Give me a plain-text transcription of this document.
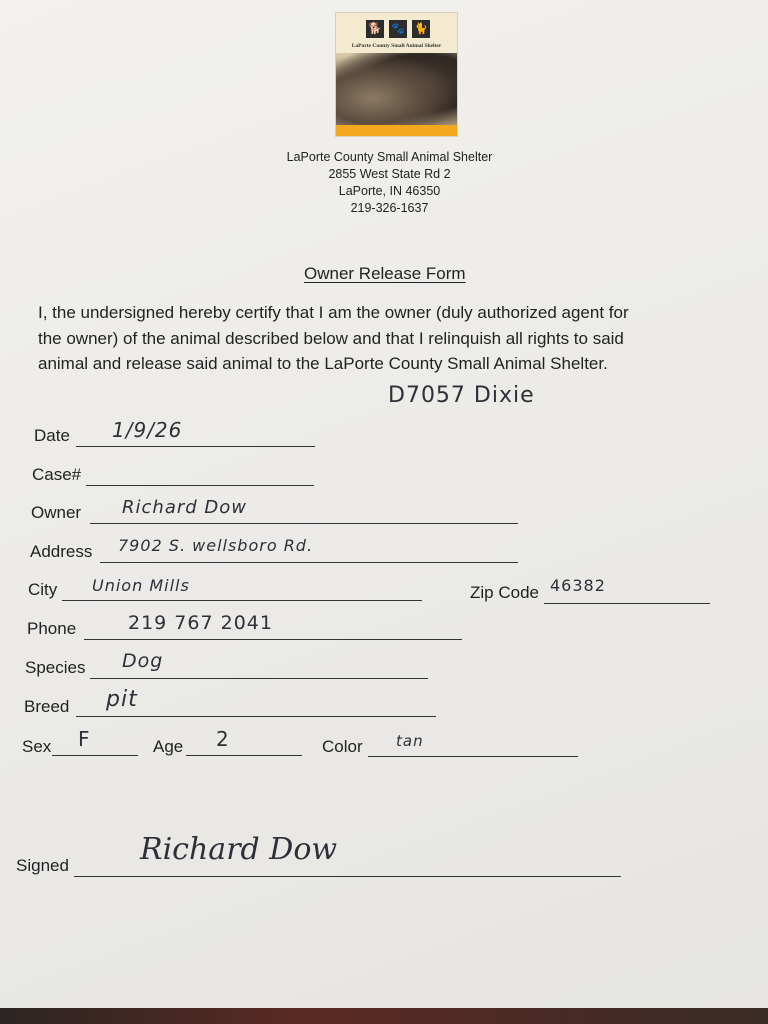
🐕 🐾 🐈
LaPorte County Small Animal Shelter
LaPorte County Small Animal Shelter
2855 West State Rd 2
LaPorte, IN 46350
219-326-1637
Owner Release Form
I, the undersigned hereby certify that I am the owner (duly authorized agent for
the owner) of the animal described below and that I relinquish all rights to said
animal and release said animal to the LaPorte County Small Animal Shelter.
D7057 Dixie
Date 1/9/26
Case#
Owner Richard Dow
Address 7902 S. wellsboro Rd.
City Union Mills	Zip Code 46382
Phone	219 767 2041
Species Dog
Breed pit
Sex F	Age 2	Color tan
Signed Richard Dow
